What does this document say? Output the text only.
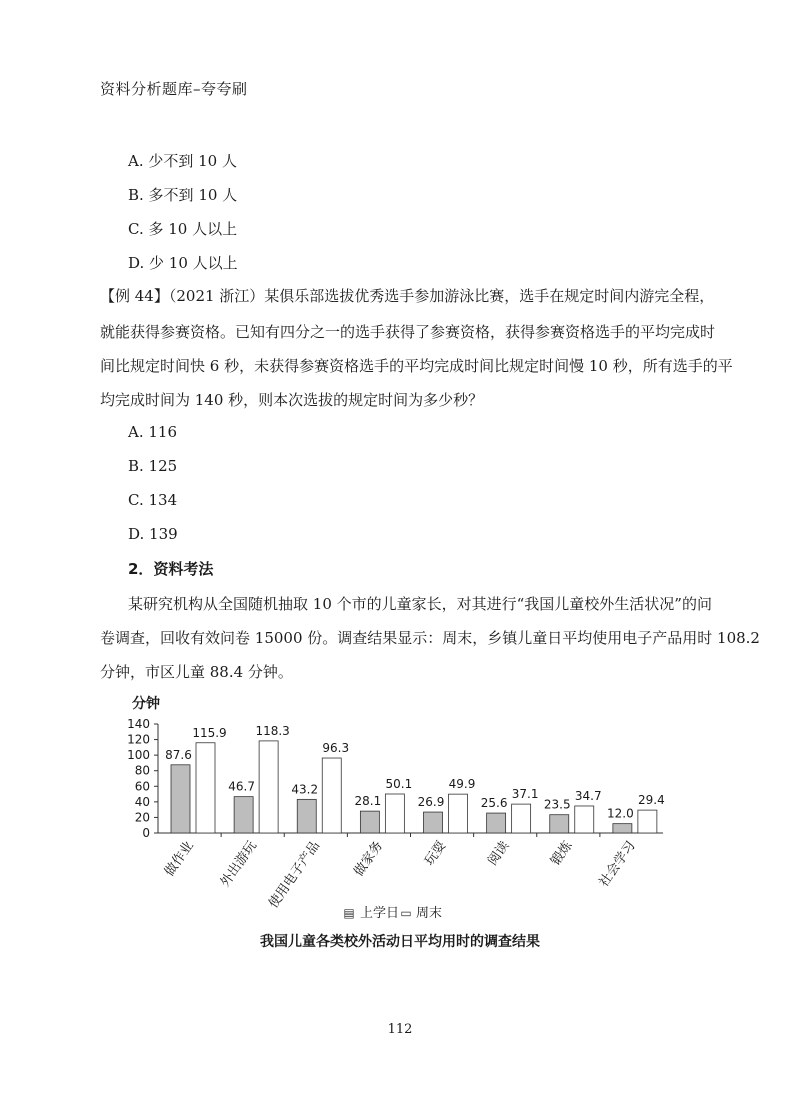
资料分析题库–夸夸刷
A. 少不到 10 人
B. 多不到 10 人
C. 多 10 人以上
D. 少 10 人以上
【例 44】（2021 浙江）某俱乐部选拔优秀选手参加游泳比赛，选手在规定时间内游完全程，
就能获得参赛资格。已知有四分之一的选手获得了参赛资格，获得参赛资格选手的平均完成时
间比规定时间快 6 秒，未获得参赛资格选手的平均完成时间比规定时间慢 10 秒，所有选手的平
均完成时间为 140 秒，则本次选拔的规定时间为多少秒？
A. 116
B. 125
C. 134
D. 139
2．资料考法
某研究机构从全国随机抽取 10 个市的儿童家长，对其进行“我国儿童校外生活状况”的问
卷调查，回收有效问卷 15000 份。调查结果显示：周末，乡镇儿童日平均使用电子产品用时 108.2
分钟，市区儿童 88.4 分钟。
分钟
0
20
40
60
80
100
120
140
87.6
115.9
做作业
46.7
118.3
外出游玩
43.2
96.3
使用电子产品
28.1
50.1
做家务
26.9
49.9
玩耍
25.6
37.1
阅读
23.5
34.7
锻炼
12.0
29.4
社会学习
▤ 上学日 ▭ 周末
我国儿童各类校外活动日平均用时的调查结果
112
